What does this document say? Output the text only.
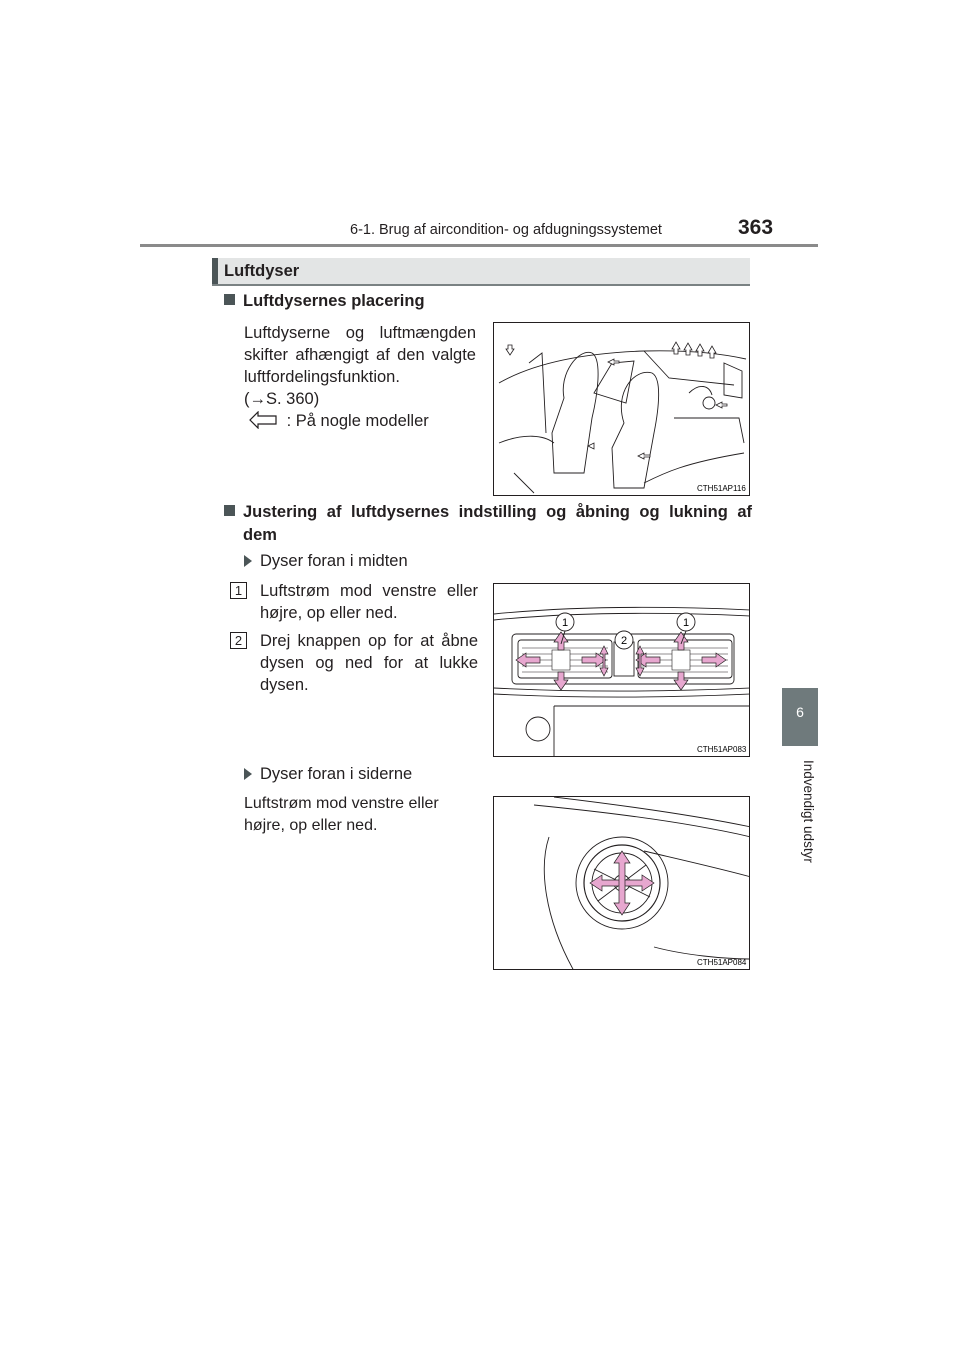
6-1. Brug af aircondition- og afdugningssystemet	363
6
Indvendigt udstyr
Luftdyser
Luftdysernes placering
Luftdyserne og luftmængden skifter afhængigt af den valgte luftfordelingsfunktion.
(→S. 360)
: På nogle modeller
CTH51AP116
Justering af luftdysernes indstilling og åbning og lukning af
dem
Dyser foran i midten
1	Luftstrøm mod venstre eller højre, op eller ned.
2	Drej knappen op for at åbne dysen og ned for at lukke dysen.
1
2
1
CTH51AP083
Dyser foran i siderne
Luftstrøm mod venstre eller højre, op eller ned.
CTH51AP084
